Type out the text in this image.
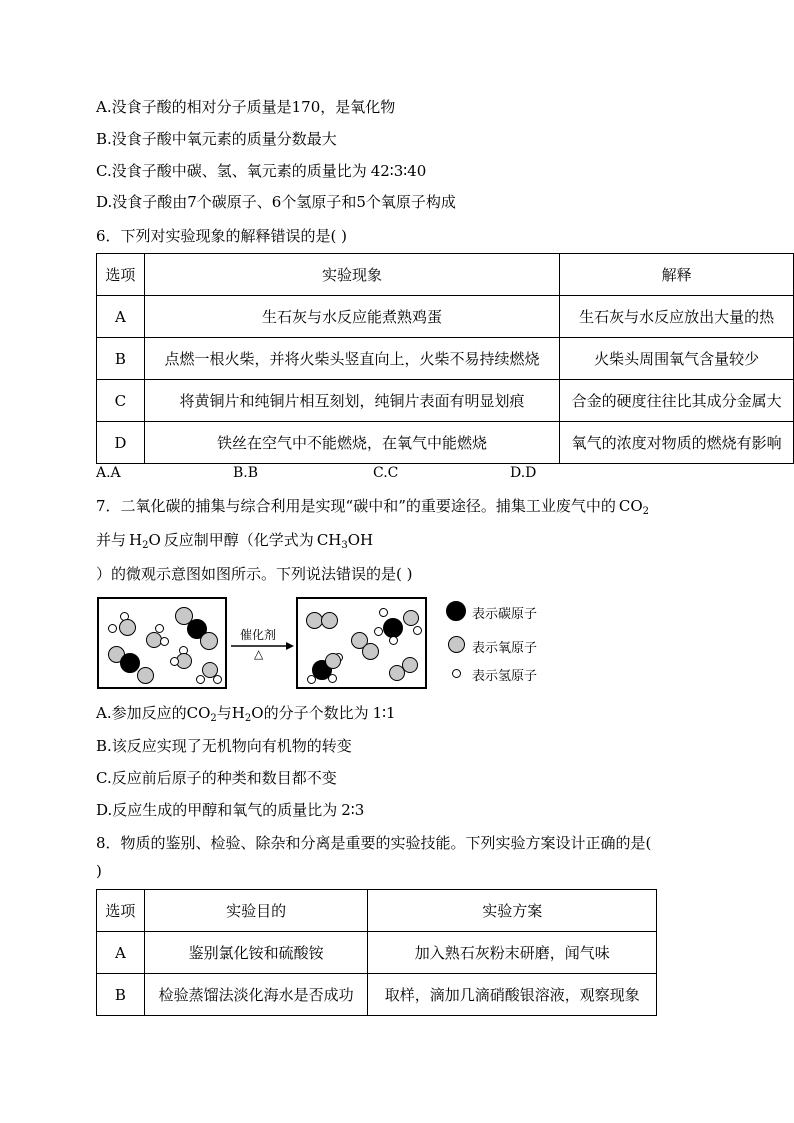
A.没食子酸的相对分子质量是170，是氧化物
B.没食子酸中氧元素的质量分数最大
C.没食子酸中碳、氢、氧元素的质量比为 42∶3∶40
D.没食子酸由7个碳原子、6个氢原子和5个氧原子构成
6．下列对实验现象的解释错误的是( )
选项	实验现象	解释
A	生石灰与水反应能煮熟鸡蛋	生石灰与水反应放出大量的热
B	点燃一根火柴，并将火柴头竖直向上，火柴不易持续燃烧	火柴头周围氧气含量较少
C	将黄铜片和纯铜片相互刻划，纯铜片表面有明显划痕	合金的硬度往往比其成分金属大
D	铁丝在空气中不能燃烧，在氧气中能燃烧	氧气的浓度对物质的燃烧有影响
A.A	B.B	C.C	D.D
7．二氧化碳的捕集与综合利用是实现“碳中和”的重要途径。捕集工业废气中的 $CO_2$
并与 $H_2O$ 反应制甲醇（化学式为 $CH_3OH$
）的微观示意图如图所示。下列说法错误的是( )
催化剂
△
表示碳原子
表示氧原子
表示氢原子
A.参加反应的$CO_2$与$H_2O$的分子个数比为 1∶1
B.该反应实现了无机物向有机物的转变
C.反应前后原子的种类和数目都不变
D.反应生成的甲醇和氧气的质量比为 2∶3
8．物质的鉴别、检验、除杂和分离是重要的实验技能。下列实验方案设计正确的是(
)
选项	实验目的	实验方案
A	鉴别氯化铵和硫酸铵	加入熟石灰粉末研磨，闻气味
B	检验蒸馏法淡化海水是否成功	取样，滴加几滴硝酸银溶液，观察现象
